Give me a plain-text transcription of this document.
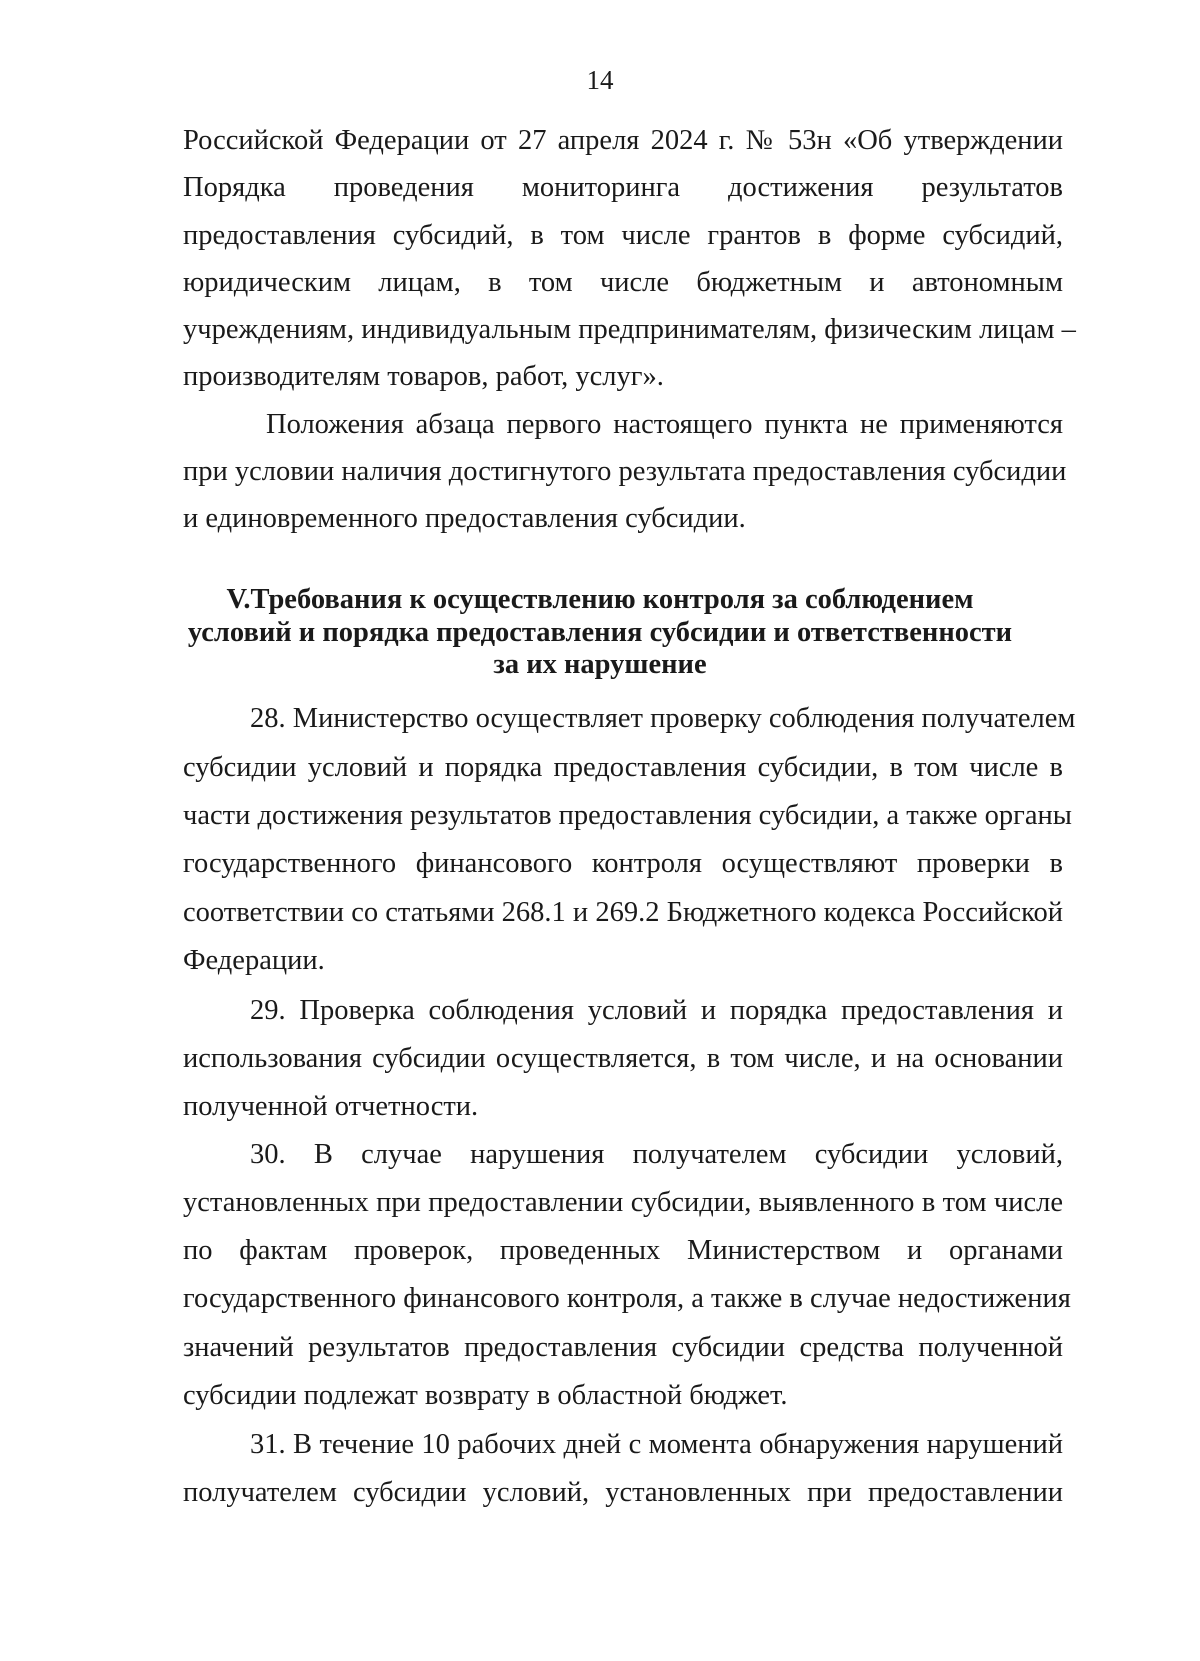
14
Российской Федерации от 27 апреля 2024 г. № 53н «Об утверждении
Порядка проведения мониторинга достижения результатов
предоставления субсидий, в том числе грантов в форме субсидий,
юридическим лицам, в том числе бюджетным и автономным
учреждениям, индивидуальным предпринимателям, физическим лицам –
производителям товаров, работ, услуг».
Положения абзаца первого настоящего пункта не применяются
при условии наличия достигнутого результата предоставления субсидии
и единовременного предоставления субсидии.
V.Требования к осуществлению контроля за соблюдением
условий и порядка предоставления субсидии и ответственности
за их нарушение
28. Министерство осуществляет проверку соблюдения получателем
субсидии условий и порядка предоставления субсидии, в том числе в
части достижения результатов предоставления субсидии, а также органы
государственного финансового контроля осуществляют проверки в
соответствии со статьями 268.1 и 269.2 Бюджетного кодекса Российской
Федерации.
29. Проверка соблюдения условий и порядка предоставления и
использования субсидии осуществляется, в том числе, и на основании
полученной отчетности.
30. В случае нарушения получателем субсидии условий,
установленных при предоставлении субсидии, выявленного в том числе
по фактам проверок, проведенных Министерством и органами
государственного финансового контроля, а также в случае недостижения
значений результатов предоставления субсидии средства полученной
субсидии подлежат возврату в областной бюджет.
31. В течение 10 рабочих дней с момента обнаружения нарушений
получателем субсидии условий, установленных при предоставлении
